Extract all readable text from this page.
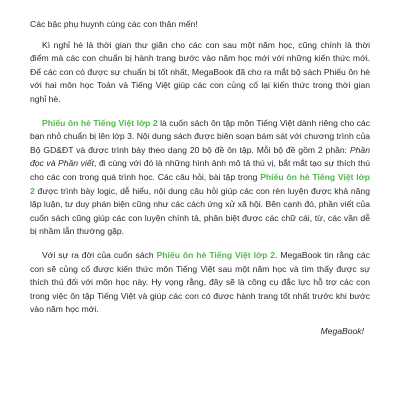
Các bậc phụ huynh cùng các con thân mến!

Kì nghỉ hè là thời gian thư giãn cho các con sau một năm học, cũng chính là thời điểm mà các con chuẩn bị hành trang bước vào năm học mới với những kiến thức mới. Để các con có được sự chuẩn bị tốt nhất, MegaBook đã cho ra mắt bộ sách Phiếu ôn hè với hai môn học Toán và Tiếng Việt giúp các con củng cố lại kiến thức trong thời gian nghỉ hè.

Phiếu ôn hè Tiếng Việt lớp 2 là cuốn sách ôn tập môn Tiếng Việt dành riêng cho các bạn nhỏ chuẩn bị lên lớp 3. Nội dung sách được biên soạn bám sát với chương trình của Bộ GD&ĐT và được trình bày theo dạng 20 bộ đề ôn tập. Mỗi bộ đề gồm 2 phần: Phần đọc và Phần viết, đi cùng với đó là những hình ảnh mô tả thú vị, bắt mắt tạo sự thích thú cho các con trong quá trình học. Các câu hỏi, bài tập trong Phiếu ôn hè Tiếng Việt lớp 2 được trình bày logic, dễ hiểu, nội dung câu hỏi giúp các con rèn luyện được khả năng lập luận, tư duy phán biện cũng như các cách ứng xử xã hội. Bên cạnh đó, phần viết của cuốn sách cũng giúp các con luyện chính tả, phân biệt được các chữ cái, từ, các vần dễ bị nhầm lẫn thường gặp.

Với sự ra đời của cuốn sách Phiếu ôn hè Tiếng Việt lớp 2. MegaBook tin rằng các con sẽ củng cố được kiến thức môn Tiếng Việt sau một năm học và tìm thấy được sự thích thú đối với môn học này. Hy vọng rằng, đây sẽ là công cụ đắc lực hỗ trợ các con trong việc ôn tập Tiếng Việt và giúp các con có được hành trang tốt nhất trước khi bước vào năm học mới.

MegaBook!
